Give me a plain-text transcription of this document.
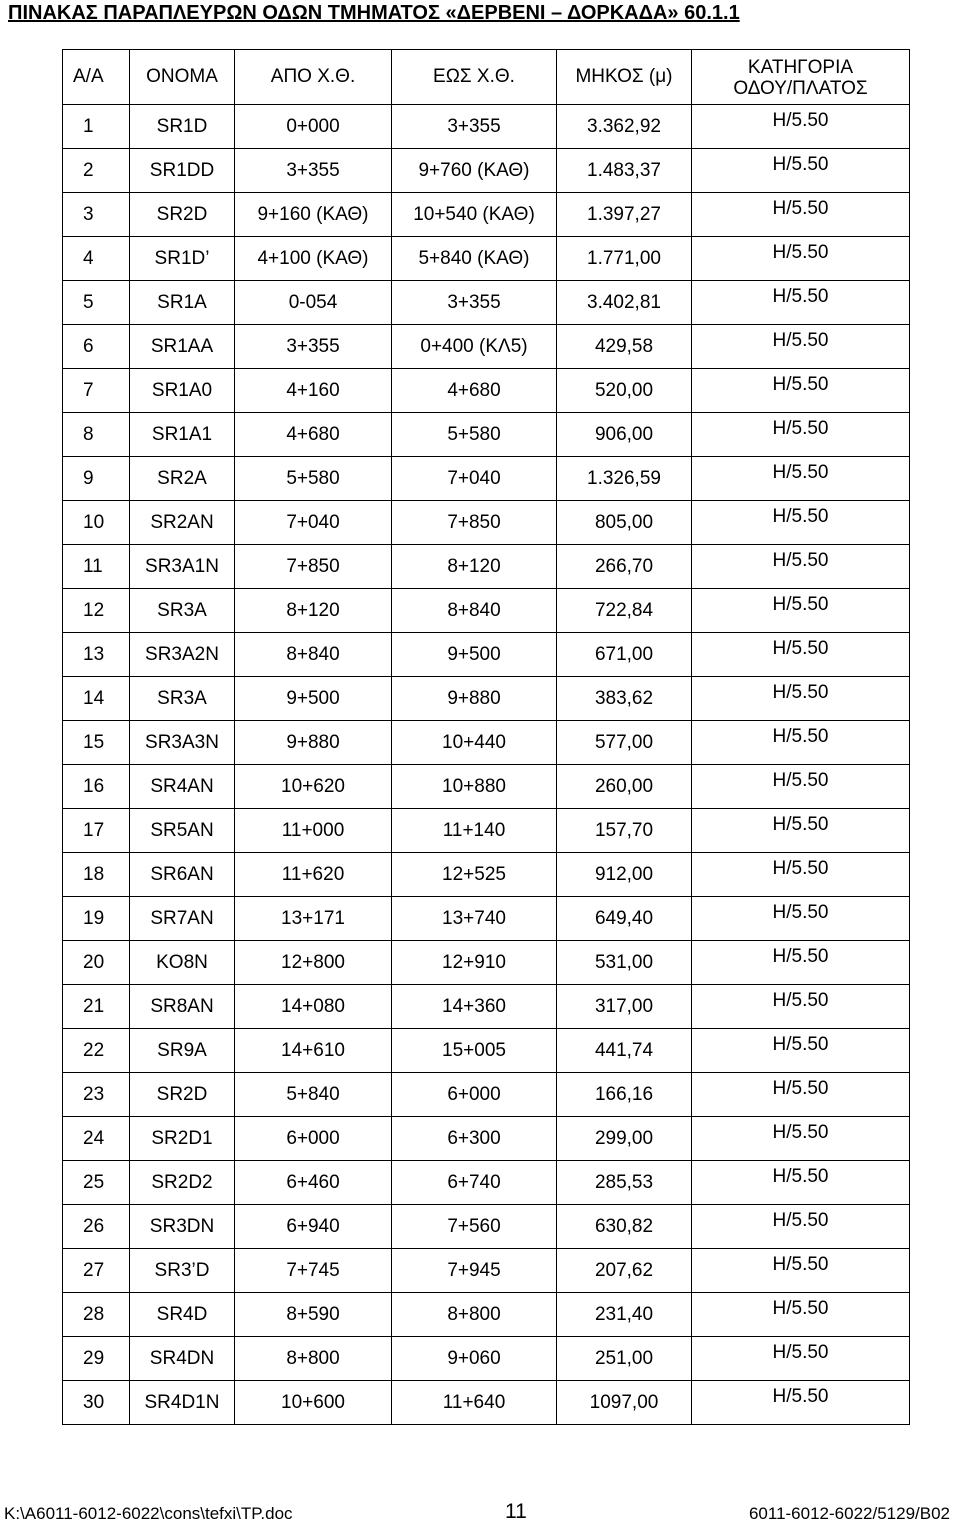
ΠΙΝΑΚΑΣ ΠΑΡΑΠΛΕΥΡΩΝ ΟΔΩΝ ΤΜΗΜΑΤΟΣ «ΔΕΡΒΕΝΙ – ΔΟΡΚΑΔΑ» 60.1.1
Α/Α	ΟΝΟΜΑ	ΑΠΟ Χ.Θ.	ΕΩΣ Χ.Θ.	ΜΗΚΟΣ (μ)	ΚΑΤΗΓΟΡΙΑ
ΟΔΟΥ/ΠΛΑΤΟΣ
1	SR1D	0+000	3+355	3.362,92	Η/5.50
2	SR1DD	3+355	9+760 (ΚΑΘ)	1.483,37	Η/5.50
3	SR2D	9+160 (ΚΑΘ)	10+540 (ΚΑΘ)	1.397,27	Η/5.50
4	SR1D’	4+100 (ΚΑΘ)	5+840 (ΚΑΘ)	1.771,00	Η/5.50
5	SR1A	0-054	3+355	3.402,81	Η/5.50
6	SR1AA	3+355	0+400 (ΚΛ5)	429,58	Η/5.50
7	SR1A0	4+160	4+680	520,00	Η/5.50
8	SR1A1	4+680	5+580	906,00	Η/5.50
9	SR2A	5+580	7+040	1.326,59	Η/5.50
10	SR2AN	7+040	7+850	805,00	Η/5.50
11	SR3A1N	7+850	8+120	266,70	Η/5.50
12	SR3A	8+120	8+840	722,84	Η/5.50
13	SR3A2N	8+840	9+500	671,00	Η/5.50
14	SR3A	9+500	9+880	383,62	Η/5.50
15	SR3A3N	9+880	10+440	577,00	Η/5.50
16	SR4AN	10+620	10+880	260,00	Η/5.50
17	SR5AN	11+000	11+140	157,70	Η/5.50
18	SR6AN	11+620	12+525	912,00	Η/5.50
19	SR7AN	13+171	13+740	649,40	Η/5.50
20	KO8N	12+800	12+910	531,00	Η/5.50
21	SR8AN	14+080	14+360	317,00	Η/5.50
22	SR9A	14+610	15+005	441,74	Η/5.50
23	SR2D	5+840	6+000	166,16	Η/5.50
24	SR2D1	6+000	6+300	299,00	Η/5.50
25	SR2D2	6+460	6+740	285,53	Η/5.50
26	SR3DN	6+940	7+560	630,82	Η/5.50
27	SR3’D	7+745	7+945	207,62	Η/5.50
28	SR4D	8+590	8+800	231,40	Η/5.50
29	SR4DN	8+800	9+060	251,00	Η/5.50
30	SR4D1N	10+600	11+640	1097,00	Η/5.50
K:\A6011-6012-6022\cons\tefxi\TP.doc	11	6011-6012-6022/5129/B02
